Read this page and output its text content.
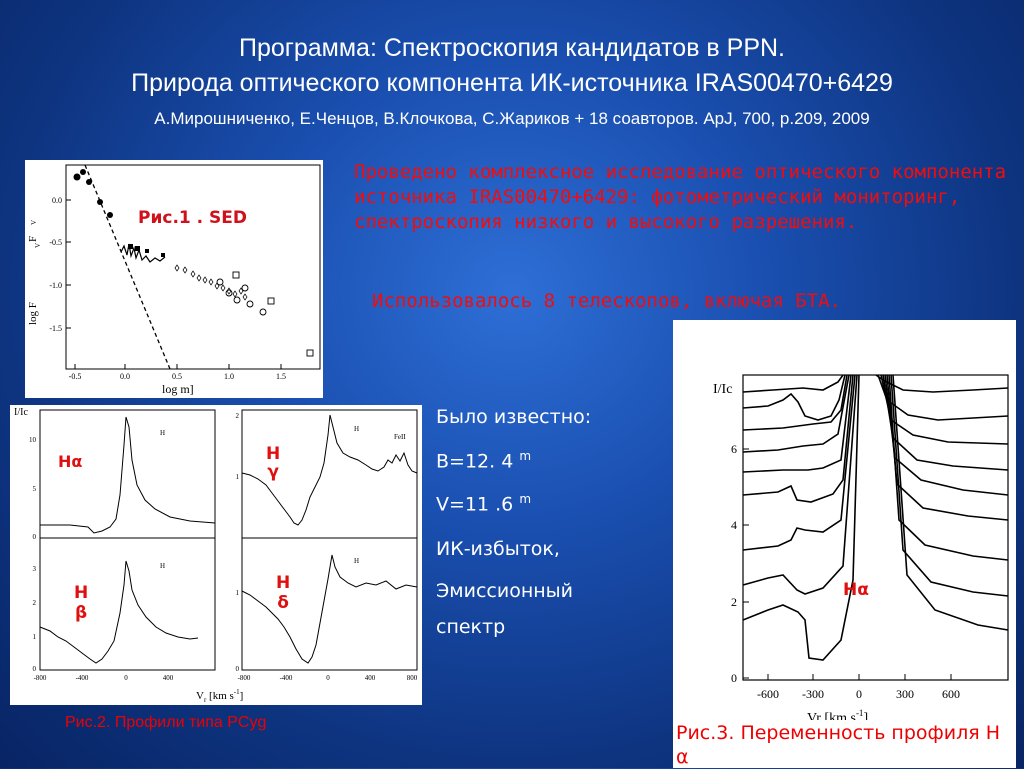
Программа: Спектроскопия кандидатов в PPN.
Природа оптического компонента ИК-источника IRAS00470+6429
А.Мирошниченко, Е.Ченцов, В.Клочкова, С.Жариков + 18 соавторов. ApJ, 700, p.209, 2009
0.0
-0.5
-1.0
-1.5
-0.5	0.0	0.5	1.0	1.5
log m]
log F
F
V
V	Рис.1 . SED
Проведено комплексное исследование оптического компонента источника IRAS00470+6429: фотометрический мониторинг, спектроскопия низкого и высокого разрешения.
Использовалось 8 телескопов, включая БТА.
10
5
0
3
2
1
0
2
1
1
0
-800	-400	0	400	-800	-400	0	400	800
H
H
H
FeII
H
I/Ic
$V_r$ [km $s^{-1}$]
Hα	H
γ
H
β
H
δ
Рис.2. Профили типа PCyg
Было известно:
B=12. 4 $^m$
V=11 .6 $^m$
ИК-избыток,
Эмиссионный
спектр
6
4
2
0
-600 -300	0	300 600
I/Ic
Vr [km $s^{-1}$]
Hα
Рис.3. Переменность профиля H α
